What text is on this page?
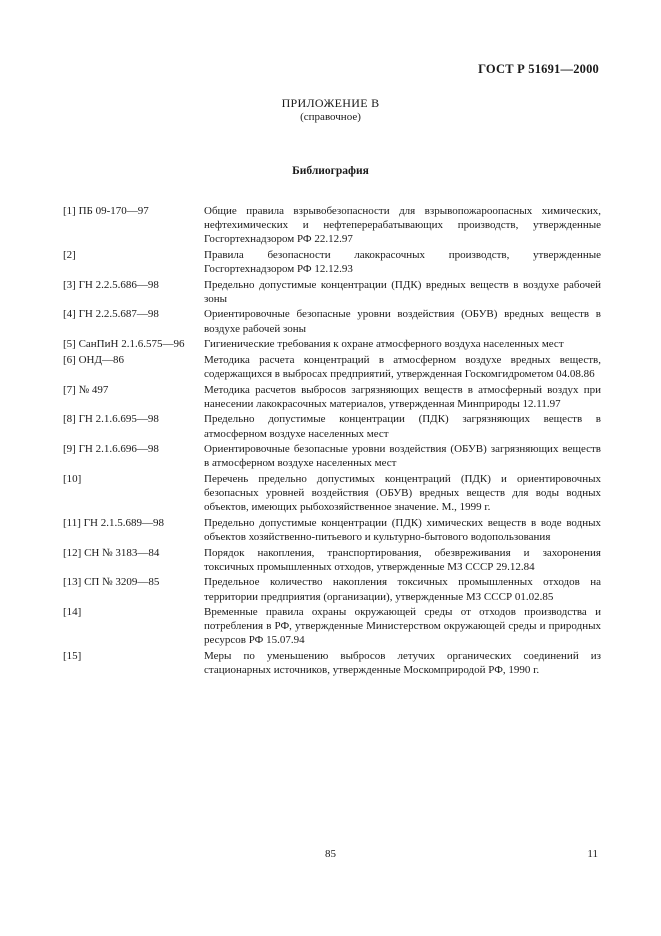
ГОСТ Р 51691—2000
ПРИЛОЖЕНИЕ В
(справочное)
Библиография
[1] ПБ 09-170—97	Общие правила взрывобезопасности для взрывопожароопасных химических, нефтехимических и нефтеперерабатывающих производств, утвержденные Госгортехнадзором РФ 22.12.97
[2]	Правила безопасности лакокрасочных производств, утвержденные Госгортехнадзором РФ 12.12.93
[3] ГН 2.2.5.686—98	Предельно допустимые концентрации (ПДК) вредных веществ в воздухе рабочей зоны
[4] ГН 2.2.5.687—98	Ориентировочные безопасные уровни воздействия (ОБУВ) вредных веществ в воздухе рабочей зоны
[5] СанПиН 2.1.6.575—96	Гигиенические требования к охране атмосферного воздуха населенных мест
[6] ОНД—86	Методика расчета концентраций в атмосферном воздухе вредных веществ, содержащихся в выбросах предприятий, утвержденная Госкомгидрометом 04.08.86
[7] № 497	Методика расчетов выбросов загрязняющих веществ в атмосферный воздух при нанесении лакокрасочных материалов, утвержденная Минприроды 12.11.97
[8] ГН 2.1.6.695—98	Предельно допустимые концентрации (ПДК) загрязняющих веществ в атмосферном воздухе населенных мест
[9] ГН 2.1.6.696—98	Ориентировочные безопасные уровни воздействия (ОБУВ) загрязняющих веществ в атмосферном воздухе населенных мест
[10]	Перечень предельно допустимых концентраций (ПДК) и ориентировочных безопасных уровней воздействия (ОБУВ) вредных веществ для воды водных объектов, имеющих рыбохозяйственное значение. М., 1999 г.
[11] ГН 2.1.5.689—98	Предельно допустимые концентрации (ПДК) химических веществ в воде водных объектов хозяйственно-питьевого и культурно-бытового водопользования
[12] СН № 3183—84	Порядок накопления, транспортирования, обезвреживания и захоронения токсичных промышленных отходов, утвержденные МЗ СССР 29.12.84
[13] СП № 3209—85	Предельное количество накопления токсичных промышленных отходов на территории предприятия (организации), утвержденные МЗ СССР 01.02.85
[14]	Временные правила охраны окружающей среды от отходов производства и потребления в РФ, утвержденные Министерством окружающей среды и природных ресурсов РФ 15.07.94
[15]	Меры по уменьшению выбросов летучих органических соединений из стационарных источников, утвержденные Москомприродой РФ, 1990 г.
85	11
